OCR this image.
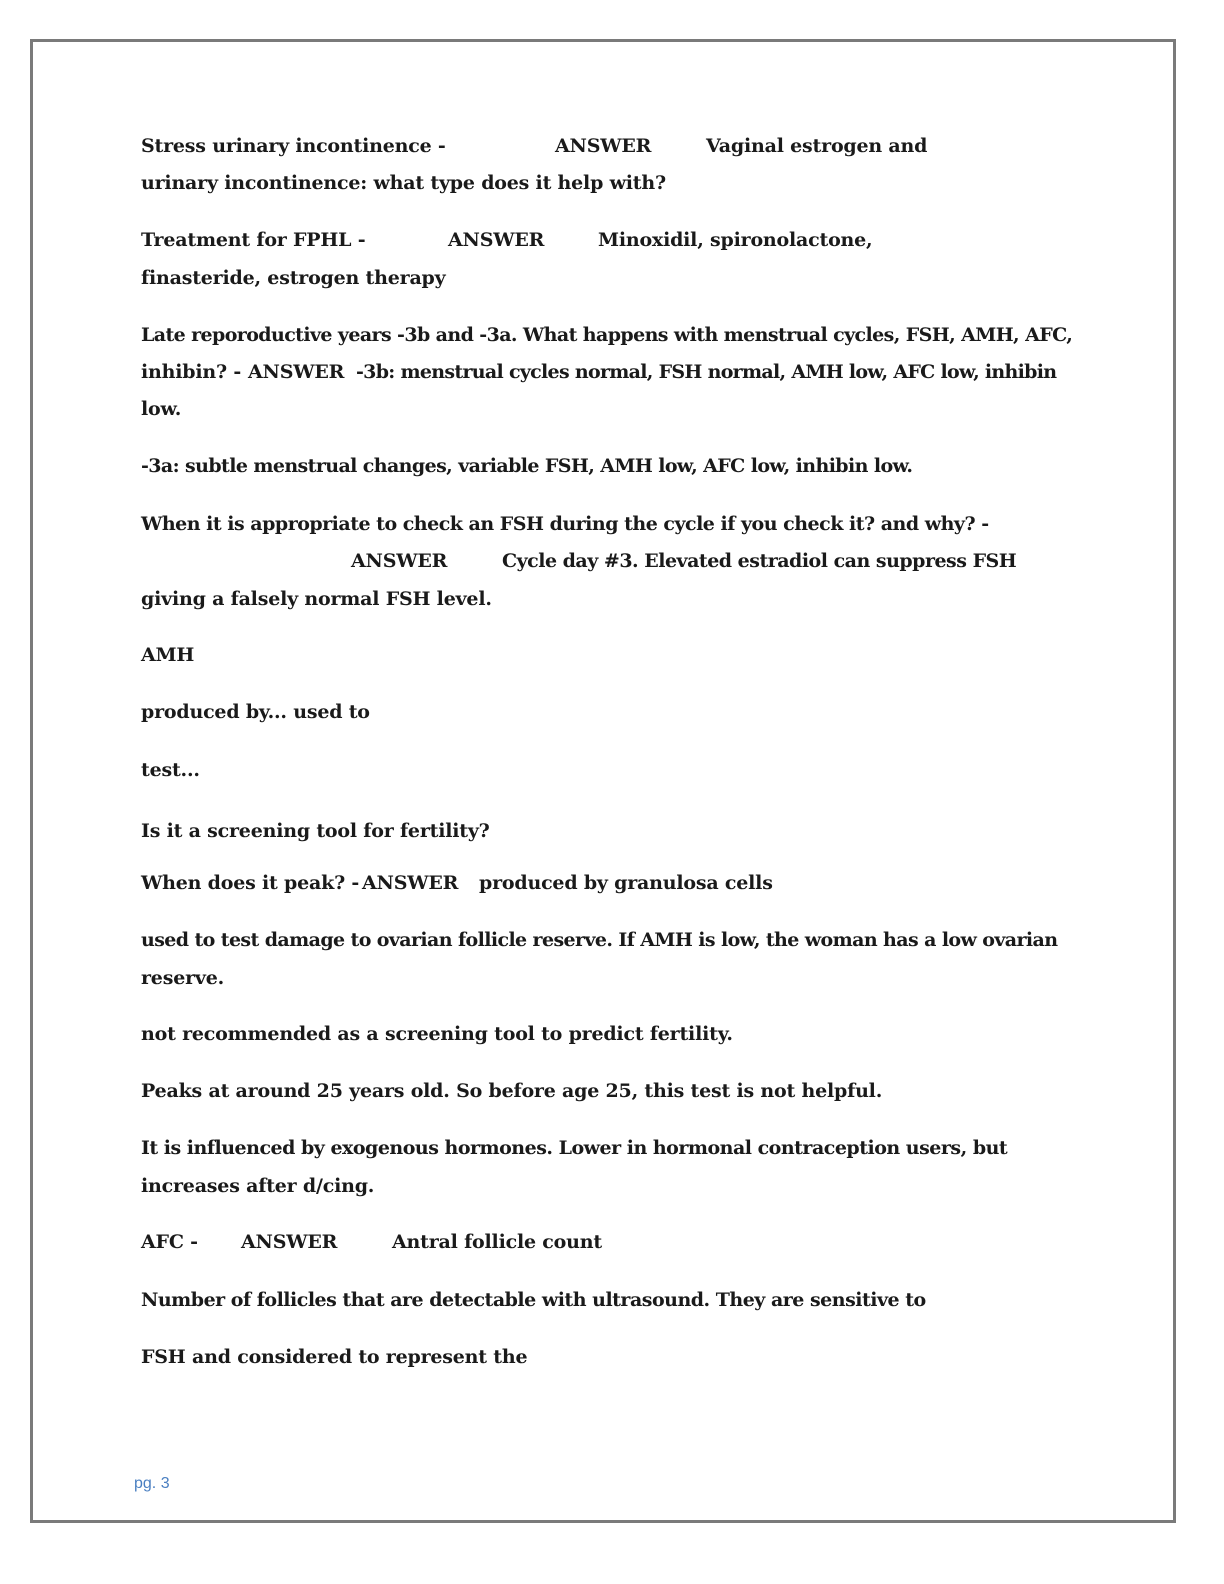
Stress urinary incontinence -	ANSWER	Vaginal estrogen and
urinary incontinence: what type does it help with?
Treatment for FPHL -	ANSWER	Minoxidil, spironolactone,
finasteride, estrogen therapy
Late reporoductive years -3b and -3a. What happens with menstrual cycles, FSH, AMH, AFC,
inhibin? - ANSWER -3b: menstrual cycles normal, FSH normal, AMH low, AFC low, inhibin
low.
-3a: subtle menstrual changes, variable FSH, AMH low, AFC low, inhibin low.
When it is appropriate to check an FSH during the cycle if you check it? and why? -
ANSWER	Cycle day #3. Elevated estradiol can suppress FSH
giving a falsely normal FSH level.
AMH
produced by... used to
test...
Is it a screening tool for fertility?
When does it peak? - ANSWER produced by granulosa cells
used to test damage to ovarian follicle reserve. If AMH is low, the woman has a low ovarian
reserve.
not recommended as a screening tool to predict fertility.
Peaks at around 25 years old. So before age 25, this test is not helpful.
It is influenced by exogenous hormones. Lower in hormonal contraception users, but
increases after d/cing.
AFC - ANSWER	Antral follicle count
Number of follicles that are detectable with ultrasound. They are sensitive to
FSH and considered to represent the
pg. 3
